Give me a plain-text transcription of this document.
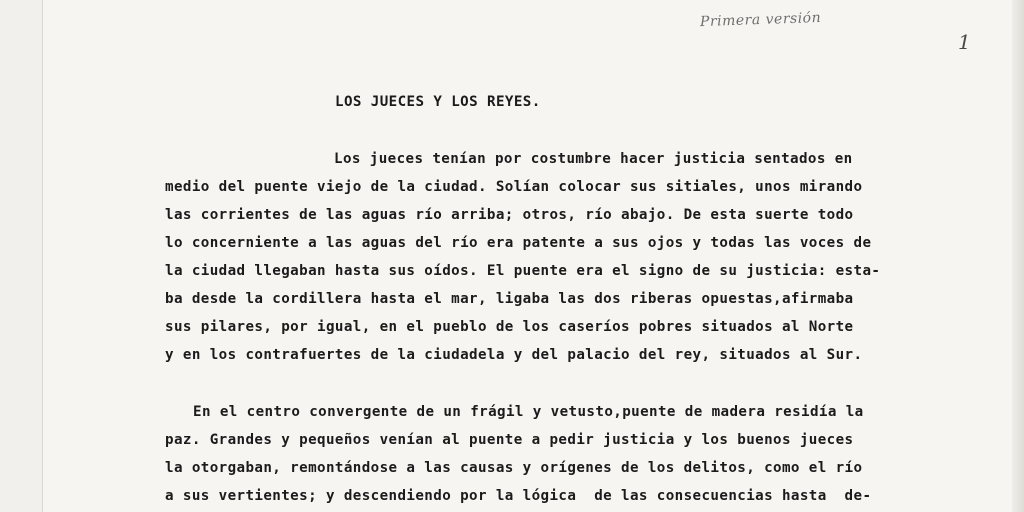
Primera versión
1
LOS JUECES Y LOS REYES.
Los jueces tenían por costumbre hacer justicia sentados en
medio del puente viejo de la ciudad. Solían colocar sus sitiales, unos mirando
las corrientes de las aguas río arriba; otros, río abajo. De esta suerte todo
lo concerniente a las aguas del río era patente a sus ojos y todas las voces de
la ciudad llegaban hasta sus oídos. El puente era el signo de su justicia: esta-
ba desde la cordillera hasta el mar, ligaba las dos riberas opuestas,afirmaba
sus pilares, por igual, en el pueblo de los caseríos pobres situados al Norte
y en los contrafuertes de la ciudadela y del palacio del rey, situados al Sur.
En el centro convergente de un frágil y vetusto,puente de madera residía la
paz. Grandes y pequeños venían al puente a pedir justicia y los buenos jueces
la otorgaban, remontándose a las causas y orígenes de los delitos, como el río
a sus vertientes; y descendiendo por la lógica  de las consecuencias hasta  de-
